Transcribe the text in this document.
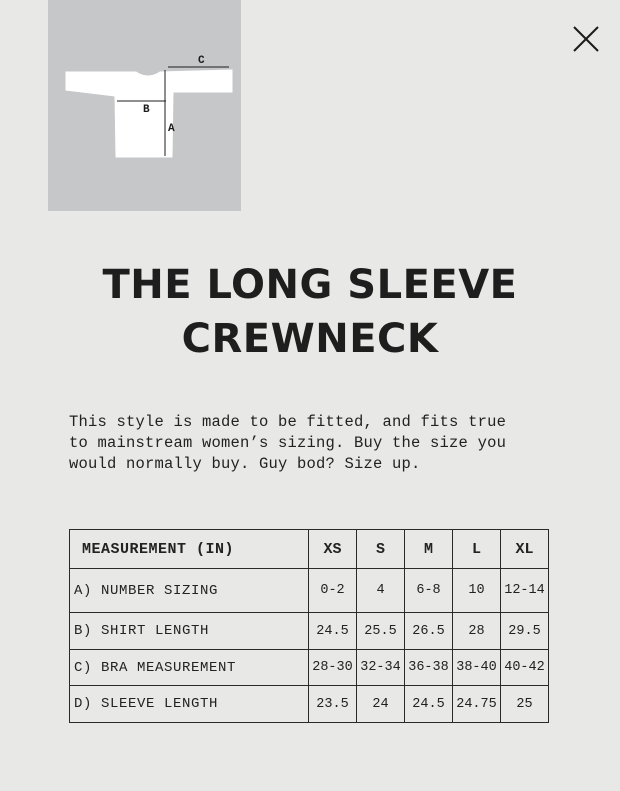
C
B
A
THE LONG SLEEVE
CREWNECK
This style is made to be fitted, and fits true
to mainstream women’s sizing. Buy the size you
would normally buy. Guy bod? Size up.
MEASUREMENT (IN)	XS	S	M	L	XL
A) NUMBER SIZING	0-2	4	6-8	10	12-14
B) SHIRT LENGTH	24.5	25.5	26.5	28	29.5
C) BRA MEASUREMENT	28-30	32-34	36-38	38-40	40-42
D) SLEEVE LENGTH	23.5	24	24.5	24.75	25
